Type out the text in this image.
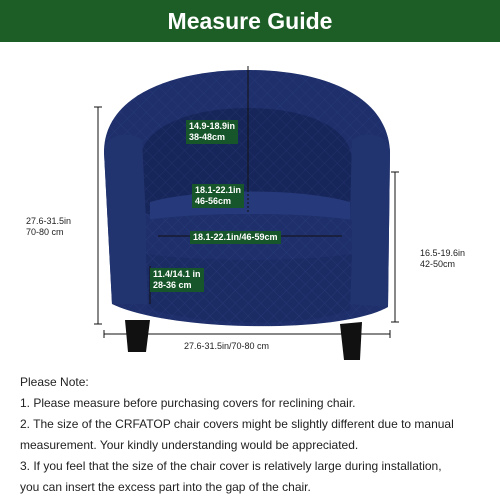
Measure Guide
14.9-18.9in
38-48cm
18.1-22.1in
46-56cm
18.1-22.1in/46-59cm
11.4/14.1 in
28-36 cm
27.6-31.5in
70-80 cm
16.5-19.6in
42-50cm
27.6-31.5in/70-80 cm
Please Note:
1. Please measure before purchasing covers for reclining chair.
2. The size of the CRFATOP chair covers might be slightly different due to manual
measurement. Your kindly understanding would be appreciated.
3. If you feel that the size of the chair cover is relatively large during installation,
you can insert the excess part into the gap of the chair.
